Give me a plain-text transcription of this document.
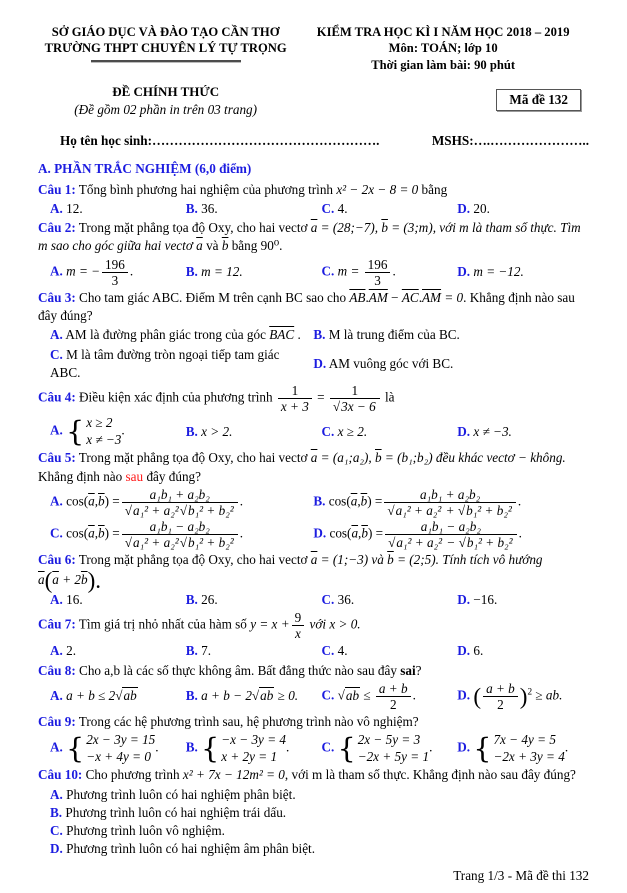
SỞ GIÁO DỤC VÀ ĐÀO TẠO CẦN THƠ
TRƯỜNG THPT CHUYÊN LÝ TỰ TRỌNG
KIỂM TRA HỌC KÌ I NĂM HỌC 2018 – 2019
Môn: TOÁN; lớp 10
Thời gian làm bài: 90 phút
ĐỀ CHÍNH THỨC
(Đề gồm 02 phần in trên 03 trang)
Mã đề 132
Họ tên học sinh:…………………………………………….	MSHS:….…………………..
A. PHẦN TRẮC NGHIỆM (6,0 điểm)

Câu 1: Tổng bình phương hai nghiệm của phương trình x² − 2x − 8 = 0 bằng

A. 12.	B. 36.	C. 4.	D. 20.

Câu 2: Trong mặt phẳng tọa độ Oxy, cho hai vectơ $\overline{a}$ = (28;−7), $\overline{b}$ = (3;m), với m là tham số thực. Tìm m sao cho góc giữa hai vectơ $\overline{a}$ và $\overline{b}$ bằng 90⁰.

A. m = − $\frac{196}{3}$ .	B. m = 12.	C. $m = \frac{196}{3}$ .	D. m = −12.

Câu 3: Cho tam giác ABC. Điểm M trên cạnh BC sao cho $\overline{AB}.\overline{AM} - \overline{AC}.\overline{AM} = 0$. Khẳng định nào sau đây đúng?

A. AM là đường phân giác trong của góc $\overline{BAC}$ . B. M là trung điểm của BC.
C. M là tâm đường tròn ngoại tiếp tam giác ABC.
D. AM vuông góc với BC.

Câu 4: Điều kiện xác định của phương trình $\frac{1}{x + 3} = \frac{1}{√3x - 6}$ là

A. { x ≥ 2
x ≠ −3
.	B. x > 2.	C. x ≥ 2.	D. x ≠ −3.

Câu 5: Trong mặt phẳng tọa độ Oxy, cho hai vectơ $\overline{a}$ = (a₁;a₂), $\overline{b}$ = (b₁;b₂) đều khác vectơ − không. Khẳng định nào sau đây đúng?

A. $\cos(\overline{a},\overline{b}) = \frac{\text{a₁b₁ + a₂b₂}}{\text{√a₁² + a₂²√b₁² + b₂²}}$ .	B. $\cos(\overline{a},\overline{b}) = \frac{\text{a₁b₁ + a₂b₂}}{\text{√a₁² + a₂² + √b₁² + b₂²}}$ .
C. $\cos(\overline{a},\overline{b}) = \frac{\text{a₁b₁ − a₂b₂}}{\text{√a₁² + a₂²√b₁² + b₂²}}$ .	D. $\cos(\overline{a},\overline{b}) = \frac{\text{a₁b₁ − a₂b₂}}{\text{√a₁² + a₂² − √b₁² + b₂²}}$ .

Câu 6: Trong mặt phẳng tọa độ Oxy, cho hai vectơ $\overline{a}$ = (1;−3) và $\overline{b}$ = (2;5). Tính tích vô hướng

$\overline{a}(\overline{a} + 2\overline{b})$.

A. 16.	B. 26.	C. 36.	D. −16.

Câu 7: Tìm giá trị nhỏ nhất của hàm số $y = x + \frac{9}{x}$ với x > 0.

A. 2.	B. 7.	C. 4.	D. 6.

Câu 8: Cho a,b là các số thực không âm. Bất đẳng thức nào sau đây sai?

A. a + b ≤ 2√ab	B. a + b − 2√ab ≥ 0.	C. $√ab \le \frac{a + b}{2}$ .	D. ( $\frac{a + b}{2} )^2$ ≥ ab.

Câu 9: Trong các hệ phương trình sau, hệ phương trình nào vô nghiệm?

A. { 2x − 3y = 15
−x + 4y = 0
.	B. { −x − 3y = 4
x + 2y = 1
.	C. { 2x − 5y = 3
−2x + 5y = 1
.	D. { 7x − 4y = 5
−2x + 3y = 4
.

Câu 10: Cho phương trình x² + 7x − 12m² = 0, với m là tham số thực. Khẳng định nào sau đây đúng?

A. Phương trình luôn có hai nghiệm phân biệt.
B. Phương trình luôn có hai nghiệm trái dấu.
C. Phương trình luôn vô nghiệm.
D. Phương trình luôn có hai nghiệm âm phân biệt.
Trang 1/3 - Mã đề thi 132
